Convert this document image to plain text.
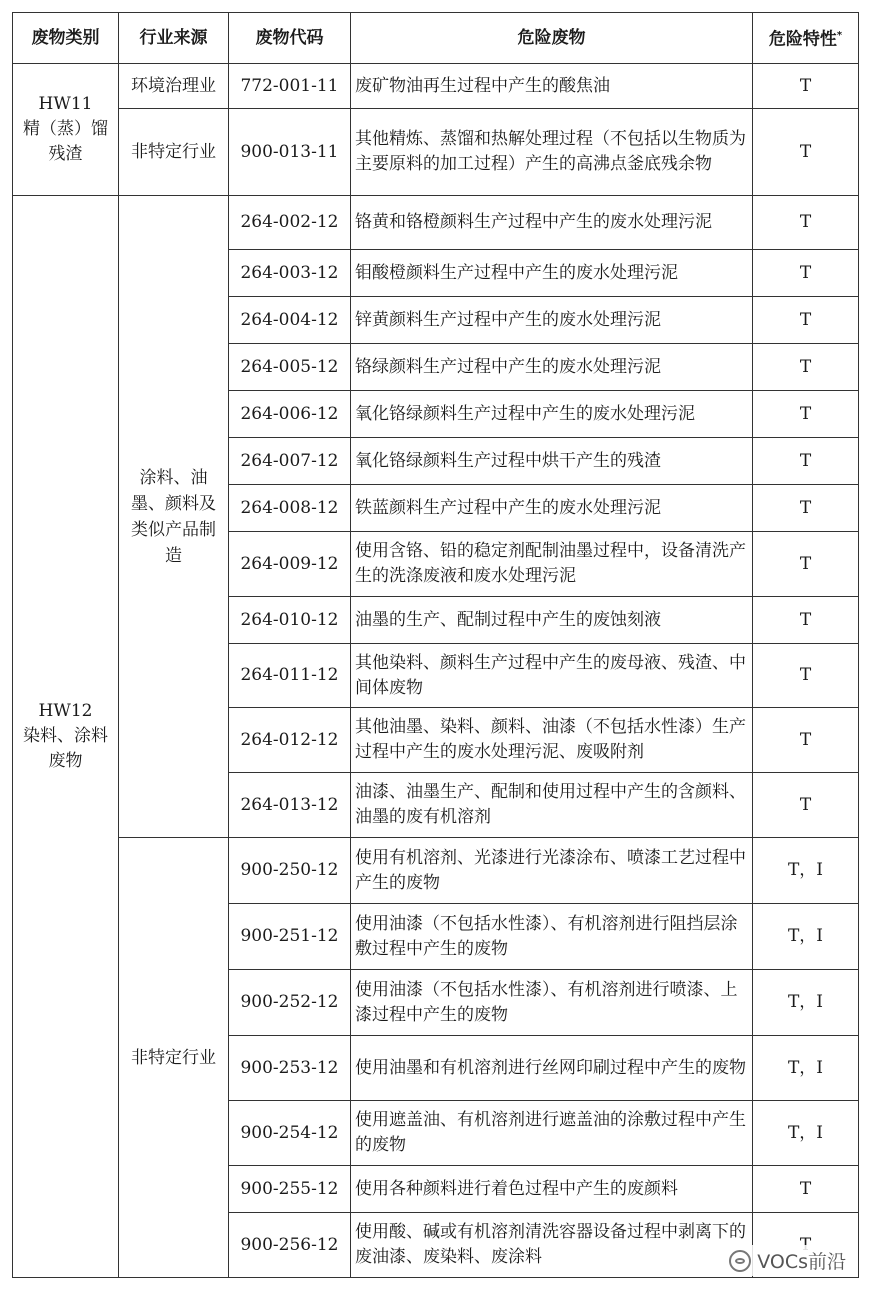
废物类别	行业来源	废物代码	危险废物	危险特性*

HW11
精（蒸）馏
残渣	环境治理业	772-001-11	废矿物油再生过程中产生的酸焦油	T
	非特定行业	900-013-11	其他精炼、蒸馏和热解处理过程（不包括以生物质为主要原料的加工过程）产生的高沸点釜底残余物	T

HW12
染料、涂料
废物	涂料、油墨、颜料及类似产品制造	264-002-12	铬黄和铬橙颜料生产过程中产生的废水处理污泥	T
		264-003-12	钼酸橙颜料生产过程中产生的废水处理污泥	T
		264-004-12	锌黄颜料生产过程中产生的废水处理污泥	T
		264-005-12	铬绿颜料生产过程中产生的废水处理污泥	T
		264-006-12	氧化铬绿颜料生产过程中产生的废水处理污泥	T
		264-007-12	氧化铬绿颜料生产过程中烘干产生的残渣	T
		264-008-12	铁蓝颜料生产过程中产生的废水处理污泥	T
		264-009-12	使用含铬、铅的稳定剂配制油墨过程中，设备清洗产生的洗涤废液和废水处理污泥	T
		264-010-12	油墨的生产、配制过程中产生的废蚀刻液	T
		264-011-12	其他染料、颜料生产过程中产生的废母液、残渣、中间体废物	T
		264-012-12	其他油墨、染料、颜料、油漆（不包括水性漆）生产过程中产生的废水处理污泥、废吸附剂	T
		264-013-12	油漆、油墨生产、配制和使用过程中产生的含颜料、油墨的废有机溶剂	T
	非特定行业	900-250-12	使用有机溶剂、光漆进行光漆涂布、喷漆工艺过程中产生的废物	T，I
		900-251-12	使用油漆（不包括水性漆）、有机溶剂进行阻挡层涂敷过程中产生的废物	T，I
		900-252-12	使用油漆（不包括水性漆）、有机溶剂进行喷漆、上漆过程中产生的废物	T，I
		900-253-12	使用油墨和有机溶剂进行丝网印刷过程中产生的废物	T，I
		900-254-12	使用遮盖油、有机溶剂进行遮盖油的涂敷过程中产生的废物	T，I
		900-255-12	使用各种颜料进行着色过程中产生的废颜料	T
		900-256-12	使用酸、碱或有机溶剂清洗容器设备过程中剥离下的废油漆、废染料、废涂料		VOCs前沿
